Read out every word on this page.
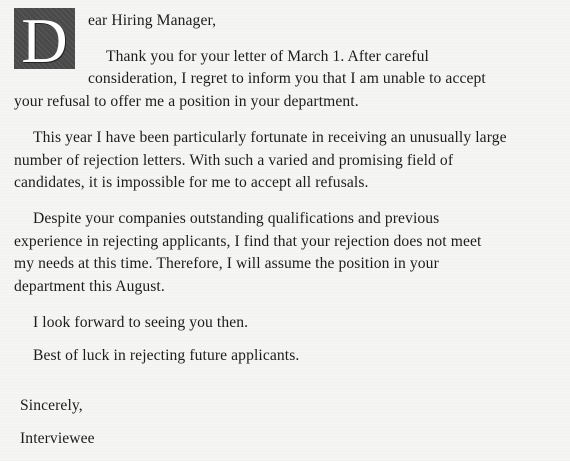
D ear Hiring Manager,
Thank you for your letter of March 1. After careful
consideration, I regret to inform you that I am unable to accept
your refusal to offer me a position in your department.
This year I have been particularly fortunate in receiving an unusually large
number of rejection letters. With such a varied and promising field of
candidates, it is impossible for me to accept all refusals.
Despite your companies outstanding qualifications and previous
experience in rejecting applicants, I find that your rejection does not meet
my needs at this time. Therefore, I will assume the position in your
department this August.
I look forward to seeing you then.
Best of luck in rejecting future applicants.
Sincerely,
Interviewee
